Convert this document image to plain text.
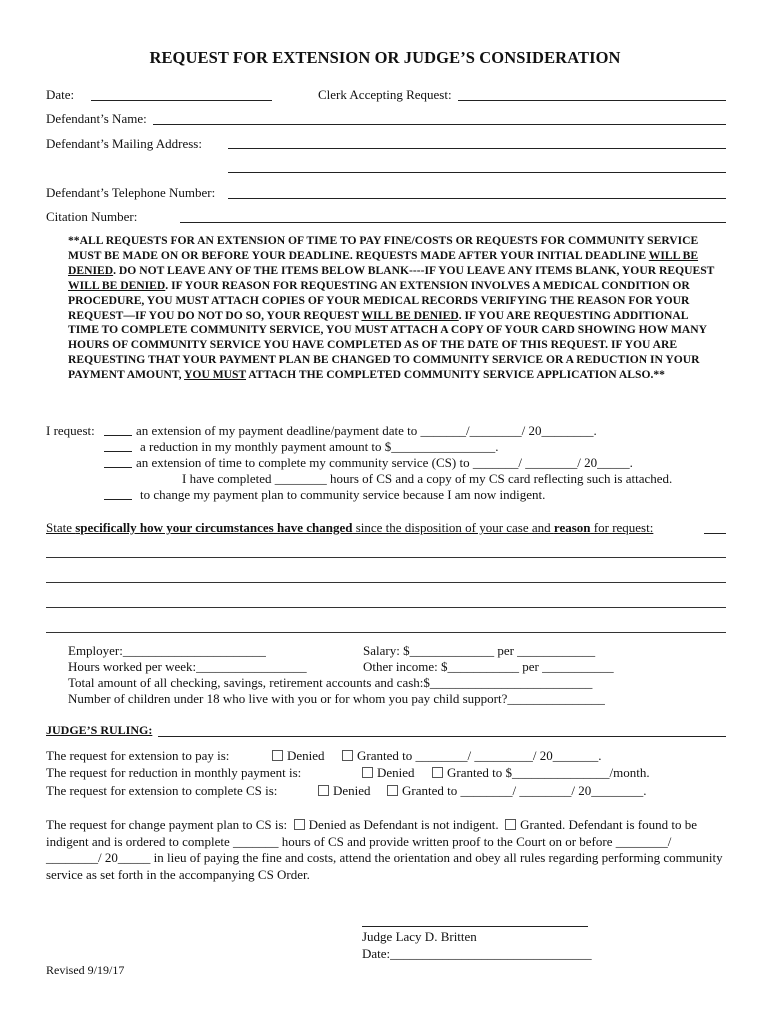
REQUEST FOR EXTENSION OR JUDGE’S CONSIDERATION
Date:	Clerk Accepting Request:
Defendant’s Name:
Defendant’s Mailing Address:
Defendant’s Telephone Number:
Citation Number:
**ALL REQUESTS FOR AN EXTENSION OF TIME TO PAY FINE/COSTS OR REQUESTS FOR COMMUNITY SERVICE MUST BE MADE ON OR BEFORE YOUR DEADLINE. REQUESTS MADE AFTER YOUR INITIAL DEADLINE WILL BE DENIED. DO NOT LEAVE ANY OF THE ITEMS BELOW BLANK----IF YOU LEAVE ANY ITEMS BLANK, YOUR REQUEST WILL BE DENIED. IF YOUR REASON FOR REQUESTING AN EXTENSION INVOLVES A MEDICAL CONDITION OR PROCEDURE, YOU MUST ATTACH COPIES OF YOUR MEDICAL RECORDS VERIFYING THE REASON FOR YOUR REQUEST—IF YOU DO NOT DO SO, YOUR REQUEST WILL BE DENIED. IF YOU ARE REQUESTING ADDITIONAL TIME TO COMPLETE COMMUNITY SERVICE, YOU MUST ATTACH A COPY OF YOUR CARD SHOWING HOW MANY HOURS OF COMMUNITY SERVICE YOU HAVE COMPLETED AS OF THE DATE OF THIS REQUEST. IF YOU ARE REQUESTING THAT YOUR PAYMENT PLAN BE CHANGED TO COMMUNITY SERVICE OR A REDUCTION IN YOUR PAYMENT AMOUNT, YOU MUST ATTACH THE COMPLETED COMMUNITY SERVICE APPLICATION ALSO.**
I request:	an extension of my payment deadline/payment date to _______/________/ 20________.
a reduction in my monthly payment amount to $________________.
an extension of time to complete my community service (CS) to _______/ ________/ 20_____.
I have completed ________ hours of CS and a copy of my CS card reflecting such is attached.
to change my payment plan to community service because I am now indigent.
State specifically how your circumstances have changed since the disposition of your case and reason for request:
Employer:______________________	Salary: $_____________ per ____________
Hours worked per week:_________________	Other income: $___________ per ___________
Total amount of all checking, savings, retirement accounts and cash:$_________________________
Number of children under 18 who live with you or for whom you pay child support?_______________
JUDGE’S RULING:
The request for extension to pay is:	Denied	Granted to ________/ _________/ 20_______.
The request for reduction in monthly payment is:	Denied	Granted to $_______________/month.
The request for extension to complete CS is:	Denied	Granted to ________/ ________/ 20________.
The request for change payment plan to CS is: Denied as Defendant is not indigent. Granted. Defendant is found to be indigent and is ordered to complete _______ hours of CS and provide written proof to the Court on or before ________/ ________/ 20_____ in lieu of paying the fine and costs, attend the orientation and obey all rules regarding performing community service as set forth in the accompanying CS Order.
Judge Lacy D. Britten
Date:_______________________________
Revised 9/19/17
